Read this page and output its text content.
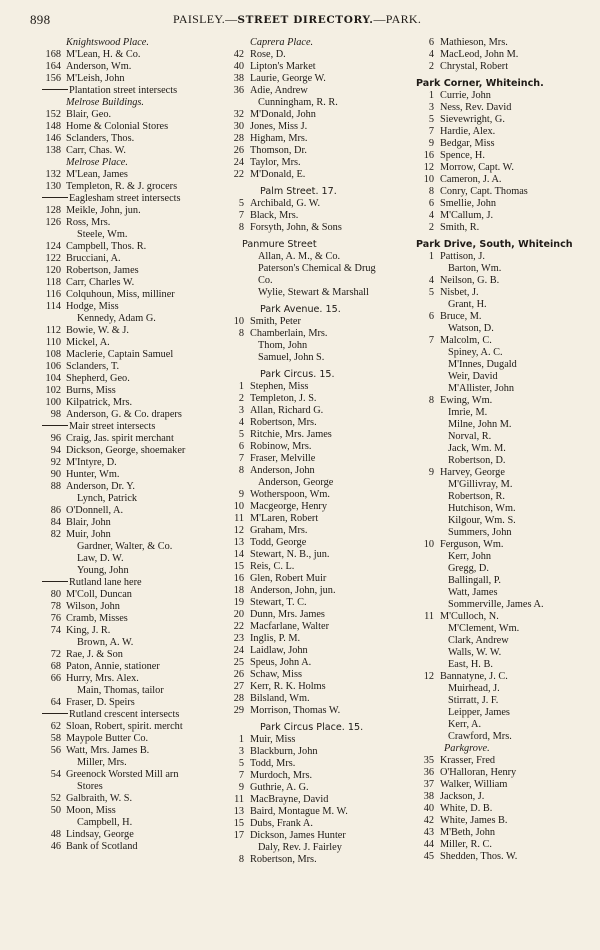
898	PAISLEY.—STREET DIRECTORY.—PARK.
Knightswood Place.
168 M'Lean, H. & Co.
164 Anderson, Wm.
156 M'Leish, John
Plantation street intersects
Melrose Buildings.
152 Blair, Geo.
148 Home & Colonial Stores
146 Sclanders, Thos.
138 Carr, Chas. W.
Melrose Place.
132 M'Lean, James
130 Templeton, R. & J. grocers
Eaglesham street intersects
128 Meikle, John, jun.
126 Ross, Mrs.
Steele, Wm.
124 Campbell, Thos. R.
122 Brucciani, A.
120 Robertson, James
118 Carr, Charles W.
116 Colquhoun, Miss, milliner
114 Hodge, Miss
Kennedy, Adam G.
112 Bowie, W. & J.
110 Mickel, A.
108 Maclerie, Captain Samuel
106 Sclanders, T.
104 Shepherd, Geo.
102 Burns, Miss
100 Kilpatrick, Mrs.
98 Anderson, G. & Co. drapers
Mair street intersects
96 Craig, Jas. spirit merchant
94 Dickson, George, shoemaker
92 M'Intyre, D.
90 Hunter, Wm.
88 Anderson, Dr. Y.
Lynch, Patrick
86 O'Donnell, A.
84 Blair, John
82 Muir, John
Gardner, Walter, & Co.
Law, D. W.
Young, John
Rutland lane here
80 M'Coll, Duncan
78 Wilson, John
76 Cramb, Misses
74 King, J. R.
Brown, A. W.
72 Rae, J. & Son
68 Paton, Annie, stationer
66 Hurry, Mrs. Alex.
Main, Thomas, tailor
64 Fraser, D. Speirs
Rutland crescent intersects
62 Sloan, Robert, spirit. mercht
58 Maypole Butter Co.
56 Watt, Mrs. James B.
Miller, Mrs.
54 Greenock Worsted Mill arn
Stores
52 Galbraith, W. S.
50 Moon, Miss
Campbell, H.
48 Lindsay, George
46 Bank of Scotland
Caprera Place.
42 Rose, D.
40 Lipton's Market
38 Laurie, George W.
36 Adie, Andrew
Cunningham, R. R.
32 M'Donald, John
30 Jones, Miss J.
28 Higham, Mrs.
26 Thomson, Dr.
24 Taylor, Mrs.
22 M'Donald, E.
Palm Street. 17.
5 Archibald, G. W.
7 Black, Mrs.
8 Forsyth, John, & Sons
Panmure Street
Allan, A. M., & Co.
Paterson's Chemical & Drug
Co.
Wylie, Stewart & Marshall
Park Avenue. 15.
10 Smith, Peter
8 Chamberlain, Mrs.
Thom, John
Samuel, John S.
Park Circus. 15.
1 Stephen, Miss
2 Templeton, J. S.
3 Allan, Richard G.
4 Robertson, Mrs.
5 Ritchie, Mrs. James
6 Robinow, Mrs.
7 Fraser, Melville
8 Anderson, John
Anderson, George
9 Wotherspoon, Wm.
10 Macgeorge, Henry
11 M'Laren, Robert
12 Graham, Mrs.
13 Todd, George
14 Stewart, N. B., jun.
15 Reis, C. L.
16 Glen, Robert Muir
18 Anderson, John, jun.
19 Stewart, T. C.
20 Dunn, Mrs. James
22 Macfarlane, Walter
23 Inglis, P. M.
24 Laidlaw, John
25 Speus, John A.
26 Schaw, Miss
27 Kerr, R. K. Holms
28 Bilsland, Wm.
29 Morrison, Thomas W.
Park Circus Place. 15.
1 Muir, Miss
3 Blackburn, John
5 Todd, Mrs.
7 Murdoch, Mrs.
9 Guthrie, A. G.
11 MacBrayne, David
13 Baird, Montague M. W.
15 Dubs, Frank A.
17 Dickson, James Hunter
Daly, Rev. J. Fairley
8 Robertson, Mrs.
6 Mathieson, Mrs.
4 MacLeod, John M.
2 Chrystal, Robert
Park Corner, Whiteinch.
1 Currie, John
3 Ness, Rev. David
5 Sievewright, G.
7 Hardie, Alex.
9 Bedgar, Miss
16 Spence, H.
12 Morrow, Capt. W.
10 Cameron, J. A.
8 Conry, Capt. Thomas
6 Smellie, John
4 M'Callum, J.
2 Smith, R.
Park Drive, South, Whiteinch
1 Pattison, J.
Barton, Wm.
4 Neilson, G. B.
5 Nisbet, J.
Grant, H.
6 Bruce, M.
Watson, D.
7 Malcolm, C.
Spiney, A. C.
M'Innes, Dugald
Weir, David
M'Allister, John
8 Ewing, Wm.
Imrie, M.
Milne, John M.
Norval, R.
Jack, Wm. M.
Robertson, D.
9 Harvey, George
M'Gillivray, M.
Robertson, R.
Hutchison, Wm.
Kilgour, Wm. S.
Summers, John
10 Ferguson, Wm.
Kerr, John
Gregg, D.
Ballingall, P.
Watt, James
Sommerville, James A.
11 M'Culloch, N.
M'Clement, Wm.
Clark, Andrew
Walls, W. W.
East, H. B.
12 Bannatyne, J. C.
Muirhead, J.
Stirratt, J. F.
Leipper, James
Kerr, A.
Crawford, Mrs.
Parkgrove.
35 Krasser, Fred
36 O'Halloran, Henry
37 Walker, William
38 Jackson, J.
40 White, D. B.
42 White, James B.
43 M'Beth, John
44 Miller, R. C.
45 Shedden, Thos. W.
